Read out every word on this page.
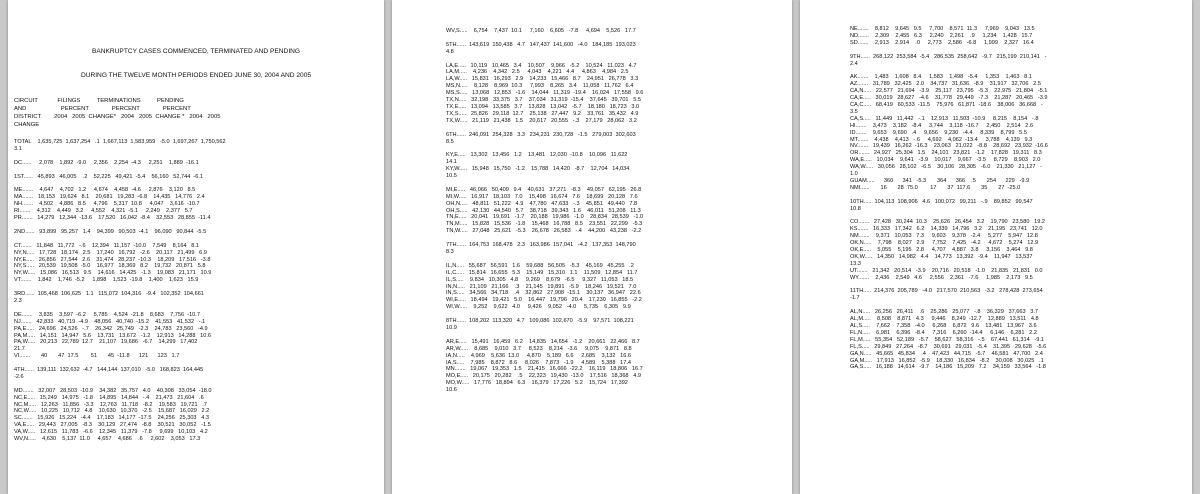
BANKRUPTCY CASES COMMENCED, TERMINATED AND PENDING

DURING THE TWELVE MONTH PERIODS ENDED JUNE 30, 2004 AND 2005

CIRCUIT            FILINGS          TERMINATIONS          PENDING
AND                     PERCENT              PERCENT              PERCENT
DISTRICT        2004   2005  CHANGE*   2004   2005  CHANGE *   2004   2005
CHANGE
TOTAL    1,635,725  1,637,254   .1  1,667,113  1,583,959   -5.0  1,697,267  1,750,562
3.1

DC......     2,078    1,892  -9.0     2,356    2,254  -4.3     2,251    1,889  -16.1

1ST......   45,893   46,005    .2    52,225   49,421  -5.4    56,160   52,744  -6.1

ME.......    4,647    4,702   1.2     4,674    4,458  -4.6     2,876    3,120   8.5
MA.......   18,153   19,624   8.1    20,681   19,283  -6.8    14,435   14,776   2.4
NH.......    4,502    4,886   8.5     4,796    5,317  10.8     4,047    3,616  -10.7
RI.......    4,312    4,449   3.2     4,552    4,321  -5.1     2,249    2,377   5.7
PR.......   14,279   12,344  -13.6    17,520   16,042  -8.4    32,553   28,855  -11.4

2ND......   93,899   95,257   1.4    94,399   90,503  -4.1    96,090   90,844  -5.5

CT.......   11,848   11,772   -.6    12,394   11,157  -10.0    7,549    8,164   8.1
NY,N.....   17,728   18,174   2.5    17,240   16,792   -2.6    20,117   21,499   6.9
NY,E.....   26,856   27,544   2.6    31,474   28,237  -10.3    18,209   17,516   -3.8
NY,S.....   20,539   19,508  -5.0    16,977   18,369   8.2    19,732   20,871   5.8
NY,W.....   15,086   16,513   9.5    14,616   14,425   -1.3    19,083   21,171   10.9
VT.......    1,842    1,746  -5.2     1,898    1,523  -19.8    1,400    1,623   15.9

3RD......  105,468  106,625   1.1   115,072  104,316   -9.4   102,352  104,661
2.3

DE.......    3,835    3,597  -6.2     5,785    4,524  -21.8    8,683    7,756  -10.7
NJ.......   42,833   40,719  -4.9    48,056   40,740  -15.2    41,553   41,532   -.1
PA,E.....   24,696   24,526   -.7    26,342   25,749   -2.3    24,783   23,560   -4.9
PA,M.....   14,151   14,947   5.6    13,731   13,672   -1.2    12,913   14,288   10.6
PA,W.....   20,213   22,789  12.7    21,107   19,686   -6.7    14,299   17,402
21.7
VI.......       40       47  17.5        51       45  -11.8      121      123   1.7

4TH......  139,111  132,632  -4.7   144,144  137,010   -5.0   168,823  164,445
-2.6

MD.......   32,007   28,503  -10.9    34,382   35,757   4.0    40,308   33,054  -18.0
NC,E.....   15,249   14,975   -1.8    14,895   14,844   -.4    21,473   21,604   .6
NC,M.....   12,263   11,856   -3.3    12,763   11,718   -8.2    19,583   19,721   .7
NC,W.....   10,225   10,712   4.8    10,630   10,370   -2.5    15,687   16,029   2.2
SC.......   15,926   15,224   -4.4    17,183   14,177  -17.5    24,256   25,303   4.3
VA,E.....   29,443   27,005   -8.3    30,129   27,474   -8.8    30,521   30,052   -1.5
VA,W.....   12,615   11,783   -6.6    12,345   11,379   -7.8     9,699   10,103   4.2
WV,N.....    4,630    5,137  11.0     4,657    4,686    .6     2,602    3,053   17.3
WV,S.....    6,754    7,437  10.1     7,160    6,605   -7.8     4,694    5,526   17.7

5TH......  143,619  150,438   4.7   147,437  141,600   -4.0   184,185  193,023
4.8

LA,E.....   10,119   10,465   3.4    10,507    9,966   -5.2    10,524   11,023   4.7
LA,M.....    4,236    4,342   2.5     4,043    4,221   4.4     4,863    4,984   2.5
LA,W.....   15,831   16,293   2.9    14,233   15,466   8.7    24,951   26,778   3.3
MS,N.....    8,128    8,969  10.3     7,993    8,265   3.4    11,058   11,762   6.4
MS,S.....   13,068   12,853   -1.6    14,044   11,319  -19.4    16,024   17,558   9.6
TX,N.....   32,198   33,375   3.7    37,034   31,319  -15.4    37,645   39,701   5.5
TX,E.....   13,094   13,585   3.7    13,828   13,042   -5.7    18,180   18,723   3.0
TX,S.....   25,826   29,118  12.7    25,138   27,447   9.2    33,761   35,432   4.9
TX,W.....   21,119   21,438   1.5    20,617   20,555   -.3    27,179   28,062   3.2

6TH......  246,091  254,328   3.3   234,231  230,728   -1.5   279,003  302,603
8.5

KY,E.....   13,302   13,456   1.2    13,481   12,030  -10.8    10,096   11,622
14.1
KY,W.....   15,948   15,750   -1.2    15,788   14,420   -8.7    12,704   14,034
10.5

MI,E.....   46,066   50,409   9.4    40,631   37,271   -8.3    49,057   62,195   26.8
MI,W.....   16,917   18,103   7.0    15,498   16,674   7.6    18,699   20,128   7.6
OH,N.....   48,811   51,222   4.9    47,780   47,633   -.3    45,851   49,440   7.8
OH,S.....   42,130   44,540   5.7    38,718   39,343   1.6    46,011   51,208   11.3
TN,E.....   20,041   19,691   -1.7    20,188   19,986   -1.0    28,834   28,539   -1.0
TN,M.....   15,828   15,536   -1.8    15,468   16,788   8.5    23,551   22,299   -5.3
TN,W.....   27,048   25,621   -5.3    26,678   26,583   -.4    44,200   43,238   -2.2

7TH......  164,753  168,478   2.3   163,986  157,041   -4.2   137,353  148,790
8.3

IL,N.....   55,687   56,591   1.6    59,688   56,505   -5.3    45,169   45,255   .2
IL,C.....   15,814   16,655   5.3    15,149   15,310   1.1    11,509   12,854   11.7
IL,S.....    9,834   10,305   4.8     9,269    8,679   -6.5     9,327   11,053   18.5
IN,N.....   21,109   21,166    .3    21,145   19,891   -5.9    18,246   19,521   7.0
IN,S.....   34,566   34,718    .4    32,862   27,908  -15.1    30,137   36,947   22.6
WI,E.....   18,494   19,421   5.0    16,447   19,796   20.4    17,230   16,855   -2.2
WI,W.....    9,252    9,622   4.0     9,426    9,052   -4.0     5,735    6,305   9.9

8TH......  108,202  113,320   4.7   109,086  102,670   -5.9    97,571  108,221
10.9

AR,E.....   15,491   16,459   6.2    14,835   14,654   -1.2    20,661   22,466   8.7
AR,W.....    8,685    9,010   3.7     8,523    8,214   -3.6     9,075    9,871   8.8
IA,N.....    4,969    5,636  13.0     4,870    5,189   6.6     2,685    3,132   16.6
IA,S.....    7,985    8,872   8.6     8,026    7,873   -1.9     4,589    5,388   17.4
MN.......   19,067   19,353   1.5    21,415   16,666  -22.2    16,119   18,806   16.7
MO,E.....   20,175   20,282    .5    22,323   19,430  -13.0    17,516   18,368   4.9
MO,W.....   17,776   18,894   6.3    16,379   17,226   5.2    15,724   17,392
10.6
NE.......    8,812    9,645   9.5     7,700    8,571  11.3     7,969    9,043   13.5
ND.......    2,309    2,455   6.3     2,240    2,261    .9     1,234    1,428   15.7
SD.......    2,913    2,914    .0     2,773    2,586   -6.8     1,999    2,327   16.4

9TH......  268,122  253,584  -5.4   286,535  258,642   -9.7   215,199  210,141   -
2.4

AK.......    1,483    1,608   8.4     1,583    1,498   -5.4     1,353    1,463   8.1
AZ.......   31,789   32,425   2.0    34,737   31,636   -8.9    31,917   32,706   2.5
CA,N.....   22,577   21,694   -3.9    25,117   23,795   -5.3    22,975   21,804   -5.1
CA,E.....   30,019   28,627   -4.6    31,778   29,449   -7.3    21,287   20,465   -3.9
CA,C.....   68,419   60,533  -11.5    75,976   61,871  -18.6    38,006   36,668   -
3.5
CA,S.....   11,449   11,442   -.1    12,913   11,503  -10.9     8,215    8,154   -.8
HI.......    3,473    3,182   -8.4     3,744    3,118  -16.7     2,450    2,514   2.6
ID.......    9,653    9,690   .4     9,656    9,230   -4.4     8,339    8,799   5.5
MT.......    4,438    4,413   -.6     4,692    4,062  -13.4     3,788    4,139   9.3
NV.......   19,439   16,262  -16.3    23,063   21,022   -8.8    28,692   23,932  -16.6
OR.......   24,927   25,304   1.5    24,101   23,821   -1.2    17,828   19,311   8.3
WA,E.....   10,034    9,641   -3.9    10,017    9,667   -3.5     8,729    8,903   2.0
WA,W.....   30,056   28,102   -6.5    30,106   28,305   -6.0    21,330   21,127   -
1.0
GUAM.....      360      341   -5.3       364      366    .5       254      229   -9.9
NMI......       16       28  75.0        17       37  117.6       35       27  -25.0

10TH.....  104,113  108,906   4.6   100,072   99,211   -.9    89,852   99,547
10.8

CO.......   27,428   30,244  10.3    25,626   26,454   3.2    19,790   23,580   19.2
KS.......   16,333   17,342   6.2    14,339   14,796   3.2    21,195   23,741   12.0
NM.......    9,371   10,053   7.3     9,603    9,378   -2.4     5,277    5,947   12.8
OK,N.....    7,798    8,027   2.9     7,752    7,425   -4.2     4,672    5,274   12.9
OK,E.....    5,055    5,195   2.8     4,707    4,887   3.8     3,156    3,464   9.8
OK,W.....   14,350   14,982   4.4    14,773   13,392   -9.4    11,947   13,537
13.3
UT.......   21,342   20,514   -3.9    20,716   20,518   -1.0    21,835   21,831   0.0
WY.......    2,436    2,549   4.6     2,556    2,361   -7.6     1,985    2,173   9.5

11TH.....  214,376  205,789   -4.0   217,570  210,563   -3.2   278,428  273,654
-1.7

AL,N.....   26,256   26,411    .6    25,286   25,077   -.8    36,329   37,663   3.7
AL,M.....    8,508    8,871   4.3     9,446    8,249  -12.7    12,889   13,511   4.8
AL,S.....    7,662    7,358   -4.0     6,268    6,872   9.6    13,481   13,967   3.6
FL,N.....    6,981    6,396   -8.4     7,316    6,260  -14.4     6,146    6,281   2.2
FL,M.....   55,354   52,189   -5.7    58,627   58,316   -.5    67,441   61,314   -9.1
FL,S.....   29,849   27,264   -8.7    30,691   29,031   -5.4    31,395   29,628   -5.6
GA,N.....   45,665   45,834    .4    47,423   44,715   -5.7    46,581   47,700   2.4
GA,M.....   17,913   16,852   -5.9    18,330   16,834   -8.2    30,008   30,025   .1
GA,S.....   16,188   14,614   -9.7    14,186   15,209   7.2    34,159   33,564   -1.8
